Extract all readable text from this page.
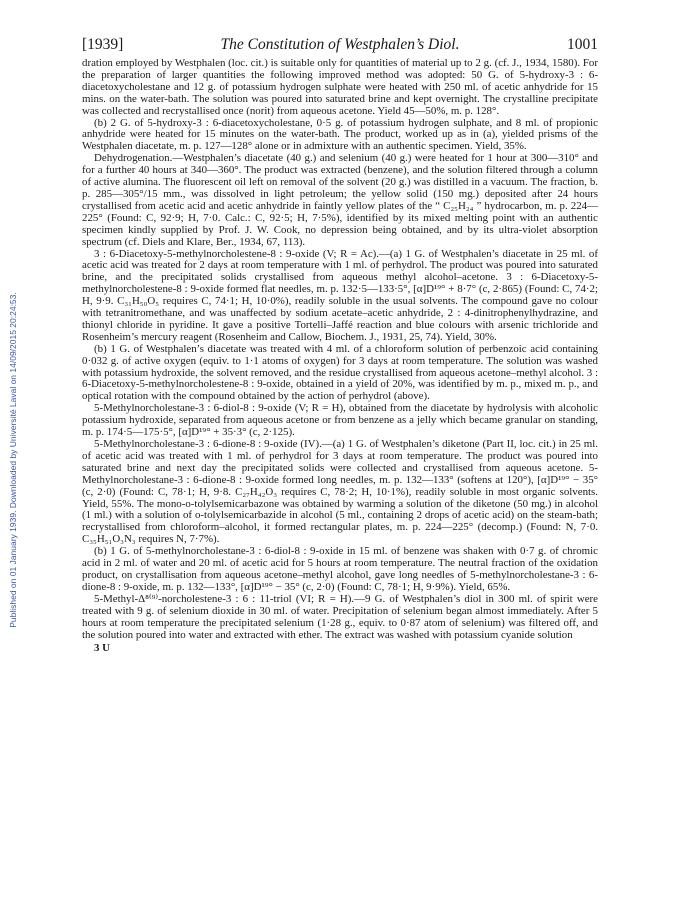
Published on 01 January 1939. Downloaded by Université Laval on 14/09/2015 20:24:53.
[1939]	The Constitution of Westphalen’s Diol.	1001

dration employed by Westphalen (loc. cit.) is suitable only for quantities of material up to 2 g. (cf. J., 1934, 1580). For the preparation of larger quantities the following improved method was adopted: 50 G. of 5-hydroxy-3 : 6-diacetoxycholestane and 12 g. of potassium hydrogen sulphate were heated with 250 ml. of acetic anhydride for 15 mins. on the water-bath. The solution was poured into saturated brine and kept overnight. The crystalline precipitate was collected and recrystallised once (norit) from aqueous acetone. Yield 45—50%, m. p. 128°.

(b) 2 G. of 5-hydroxy-3 : 6-diacetoxycholestane, 0·5 g. of potassium hydrogen sulphate, and 8 ml. of propionic anhydride were heated for 15 minutes on the water-bath. The product, worked up as in (a), yielded prisms of the Westphalen diacetate, m. p. 127—128° alone or in admixture with an authentic specimen. Yield, 35%.

Dehydrogenation.—Westphalen’s diacetate (40 g.) and selenium (40 g.) were heated for 1 hour at 300—310° and for a further 40 hours at 340—360°. The product was extracted (benzene), and the solution filtered through a column of active alumina. The fluorescent oil left on removal of the solvent (20 g.) was distilled in a vacuum. The fraction, b. p. 285—305°/15 mm., was dissolved in light petroleum; the yellow solid (150 mg.) deposited after 24 hours crystallised from acetic acid and acetic anhydride in faintly yellow plates of the “ C₂₅H₂₄ ” hydrocarbon, m. p. 224—225° (Found: C, 92·9; H, 7·0. Calc.: C, 92·5; H, 7·5%), identified by its mixed melting point with an authentic specimen kindly supplied by Prof. J. W. Cook, no depression being obtained, and by its ultra-violet absorption spectrum (cf. Diels and Klare, Ber., 1934, 67, 113).

3 : 6-Diacetoxy-5-methylnorcholestene-8 : 9-oxide (V; R = Ac).—(a) 1 G. of Westphalen’s diacetate in 25 ml. of acetic acid was treated for 2 days at room temperature with 1 ml. of perhydrol. The product was poured into saturated brine, and the precipitated solids crystallised from aqueous methyl alcohol–acetone. 3 : 6-Diacetoxy-5-methylnorcholestene-8 : 9-oxide formed flat needles, m. p. 132·5—133·5°, [α]D¹⁹° + 8·7° (c, 2·865) (Found: C, 74·2; H, 9·9. C₃₁H₅₀O₅ requires C, 74·1; H, 10·0%), readily soluble in the usual solvents. The compound gave no colour with tetranitromethane, and was unaffected by sodium acetate–acetic anhydride, 2 : 4-dinitrophenylhydrazine, and thionyl chloride in pyridine. It gave a positive Tortelli–Jaffé reaction and blue colours with arsenic trichloride and Rosenheim’s mercury reagent (Rosenheim and Callow, Biochem. J., 1931, 25, 74). Yield, 30%.

(b) 1 G. of Westphalen’s diacetate was treated with 4 ml. of a chloroform solution of perbenzoic acid containing 0·032 g. of active oxygen (equiv. to 1·1 atoms of oxygen) for 3 days at room temperature. The solution was washed with potassium hydroxide, the solvent removed, and the residue crystallised from aqueous acetone–methyl alcohol. 3 : 6-Diacetoxy-5-methylnorcholestene-8 : 9-oxide, obtained in a yield of 20%, was identified by m. p., mixed m. p., and optical rotation with the compound obtained by the action of perhydrol (above).

5-Methylnorcholestane-3 : 6-diol-8 : 9-oxide (V; R = H), obtained from the diacetate by hydrolysis with alcoholic potassium hydroxide, separated from aqueous acetone or from benzene as a jelly which became granular on standing, m. p. 174·5—175·5°, [α]D¹⁹° + 35·3° (c, 2·125).

5-Methylnorcholestane-3 : 6-dione-8 : 9-oxide (IV).—(a) 1 G. of Westphalen’s diketone (Part II, loc. cit.) in 25 ml. of acetic acid was treated with 1 ml. of perhydrol for 3 days at room temperature. The product was poured into saturated brine and next day the precipitated solids were collected and crystallised from aqueous acetone. 5-Methylnorcholestane-3 : 6-dione-8 : 9-oxide formed long needles, m. p. 132—133° (softens at 120°), [α]D¹⁹° − 35° (c, 2·0) (Found: C, 78·1; H, 9·8. C₂₇H₄₂O₃ requires C, 78·2; H, 10·1%), readily soluble in most organic solvents. Yield, 55%. The mono-o-tolylsemicarbazone was obtained by warming a solution of the diketone (50 mg.) in alcohol (1 ml.) with a solution of o-tolylsemicarbazide in alcohol (5 ml., containing 2 drops of acetic acid) on the steam-bath; recrystallised from chloroform–alcohol, it formed rectangular plates, m. p. 224—225° (decomp.) (Found: N, 7·0. C₃₅H₅₁O₃N₃ requires N, 7·7%).

(b) 1 G. of 5-methylnorcholestane-3 : 6-diol-8 : 9-oxide in 15 ml. of benzene was shaken with 0·7 g. of chromic acid in 2 ml. of water and 20 ml. of acetic acid for 5 hours at room temperature. The neutral fraction of the oxidation product, on crystallisation from aqueous acetone–methyl alcohol, gave long needles of 5-methylnorcholestane-3 : 6-dione-8 : 9-oxide, m. p. 132—133°, [α]D¹⁹° − 35° (c, 2·0) (Found: C, 78·1; H, 9·9%). Yield, 65%.

5-Methyl-Δ⁸⁽⁹⁾-norcholestene-3 : 6 : 11-triol (VI; R = H).—9 G. of Westphalen’s diol in 300 ml. of spirit were treated with 9 g. of selenium dioxide in 30 ml. of water. Precipitation of selenium began almost immediately. After 5 hours at room temperature the precipitated selenium (1·28 g., equiv. to 0·87 atom of selenium) was filtered off, and the solution poured into water and extracted with ether. The extract was washed with potassium cyanide solution

3 U
